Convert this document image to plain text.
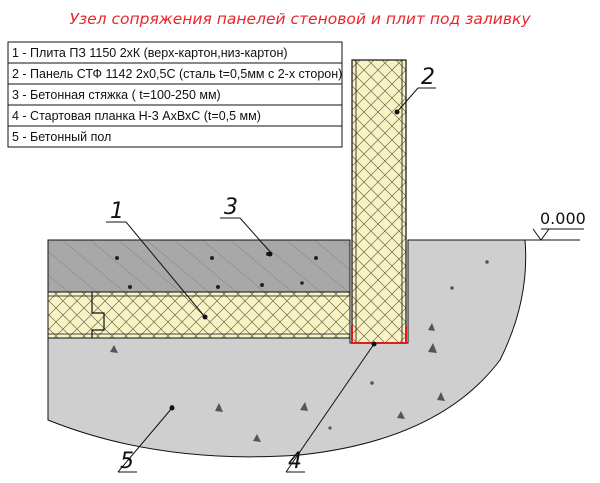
Узел сопряжения панелей стеновой и плит под заливку
1 - Плита ПЗ 1150 2хК (верх-картон,низ-картон)
2 - Панель СТФ 1142 2х0,5С (сталь t=0,5мм с 2-х сторон)
3 - Бетонная стяжка ( t=100-250 мм)
4 - Стартовая планка Н-3 АхВхС (t=0,5 мм)
5 - Бетонный пол
0.000
1
2
3
4
5
